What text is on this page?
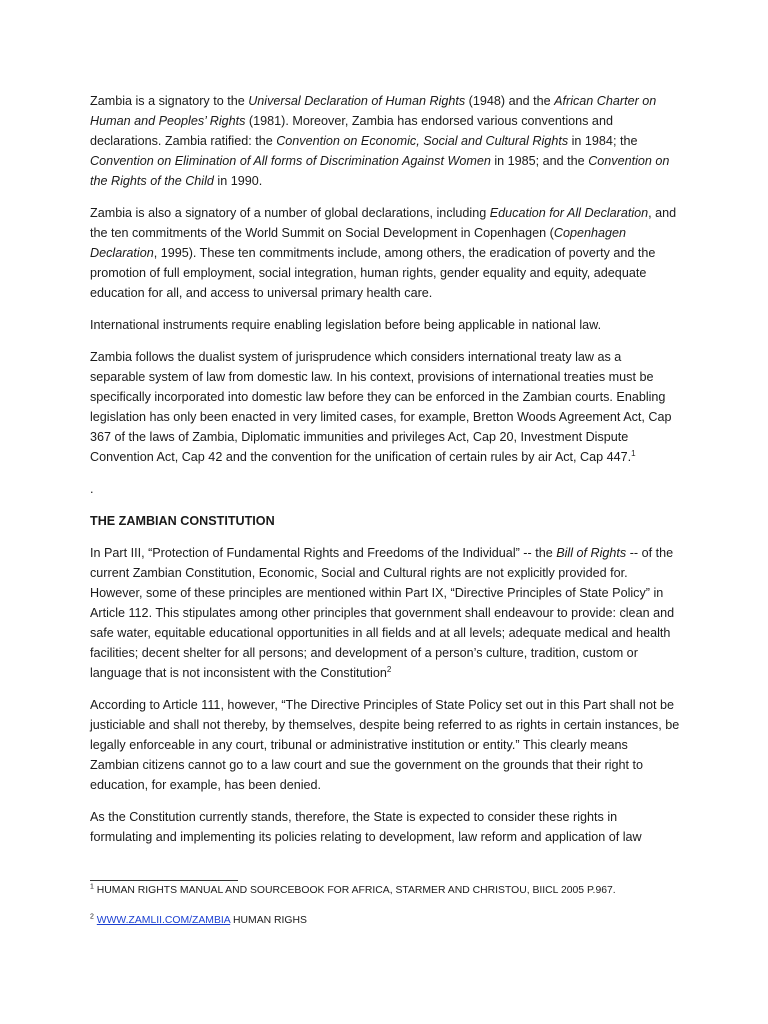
Zambia is a signatory to the Universal Declaration of Human Rights (1948) and the African Charter on Human and Peoples’ Rights (1981). Moreover, Zambia has endorsed various conventions and declarations. Zambia ratified: the Convention on Economic, Social and Cultural Rights in 1984; the Convention on Elimination of All forms of Discrimination Against Women in 1985; and the Convention on the Rights of the Child in 1990.

Zambia is also a signatory of a number of global declarations, including Education for All Declaration, and the ten commitments of the World Summit on Social Development in Copenhagen (Copenhagen Declaration, 1995). These ten commitments include, among others, the eradication of poverty and the promotion of full employment, social integration, human rights, gender equality and equity, adequate education for all, and access to universal primary health care.

International instruments require enabling legislation before being applicable in national law.

Zambia follows the dualist system of jurisprudence which considers international treaty law as a separable system of law from domestic law. In his context, provisions of international treaties must be specifically incorporated into domestic law before they can be enforced in the Zambian courts. Enabling legislation has only been enacted in very limited cases, for example, Bretton Woods Agreement Act, Cap 367 of the laws of Zambia, Diplomatic immunities and privileges Act, Cap 20, Investment Dispute Convention Act, Cap 42 and the convention for the unification of certain rules by air Act, Cap 447.$^1$

.

THE ZAMBIAN CONSTITUTION

In Part III, “Protection of Fundamental Rights and Freedoms of the Individual” -- the Bill of Rights -- of the current Zambian Constitution, Economic, Social and Cultural rights are not explicitly provided for. However, some of these principles are mentioned within Part IX, “Directive Principles of State Policy” in Article 112. This stipulates among other principles that government shall endeavour to provide: clean and safe water, equitable educational opportunities in all fields and at all levels; adequate medical and health facilities; decent shelter for all persons; and development of a person’s culture, tradition, custom or language that is not inconsistent with the Constitution$^2$

According to Article 111, however, “The Directive Principles of State Policy set out in this Part shall not be justiciable and shall not thereby, by themselves, despite being referred to as rights in certain instances, be legally enforceable in any court, tribunal or administrative institution or entity.” This clearly means Zambian citizens cannot go to a law court and sue the government on the grounds that their right to education, for example, has been denied.

As the Constitution currently stands, therefore, the State is expected to consider these rights in formulating and implementing its policies relating to development, law reform and application of law

$^1$ HUMAN RIGHTS MANUAL AND SOURCEBOOK FOR AFRICA, STARMER AND CHRISTOU, BIICL 2005 P.967.

$^2$ WWW.ZAMLII.COM/ZAMBIA HUMAN RIGHS
